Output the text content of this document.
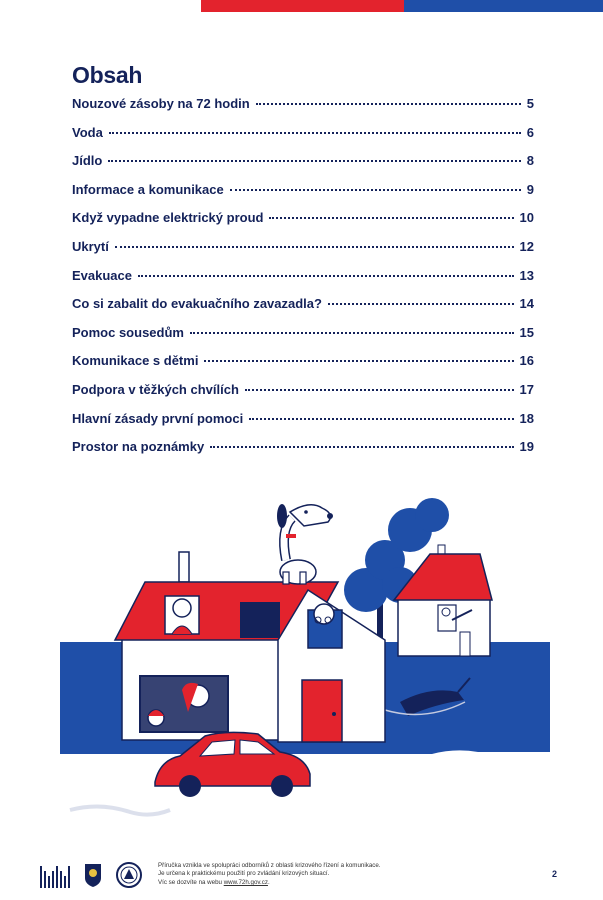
Obsah
Nouzové zásoby na 72 hodin	5
Voda	6
Jídlo	8
Informace a komunikace	9
Když vypadne elektrický proud	10
Ukrytí	12
Evakuace	13
Co si zabalit do evakuačního zavazadla?	14
Pomoc sousedům	15
Komunikace s dětmi	16
Podpora v těžkých chvílích	17
Hlavní zásady první pomoci	18
Prostor na poznámky	19
Příručka vznikla ve spolupráci odborníků z oblasti krizového řízení a komunikace.
Je určena k praktickému použití pro zvládání krizových situací.
Víc se dozvíte na webu www.72h.gov.cz.
2
